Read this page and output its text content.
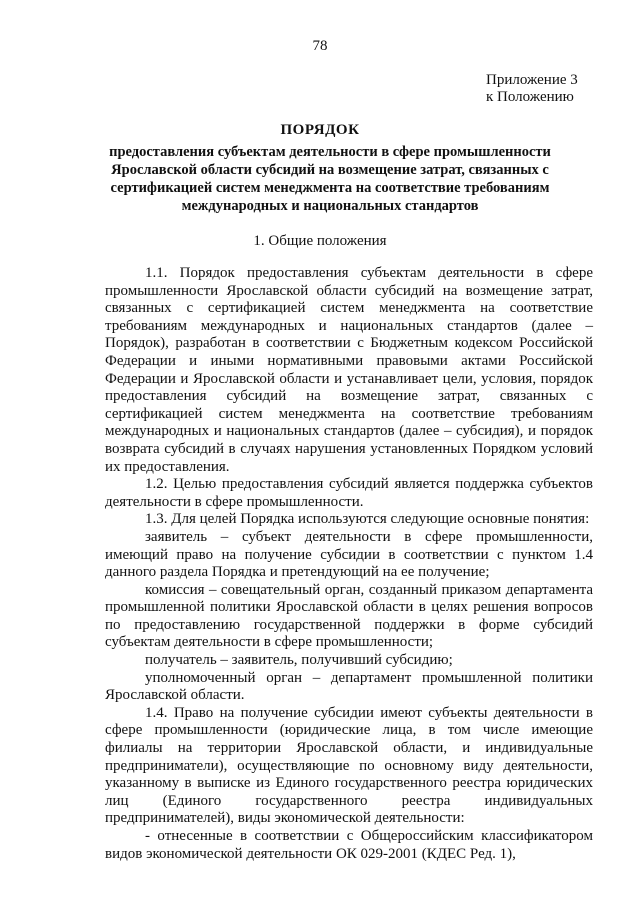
78
Приложение 3
к Положению
ПОРЯДОК
предоставления субъектам деятельности в сфере промышленности
Ярославской области субсидий на возмещение затрат, связанных с
сертификацией систем менеджмента на соответствие требованиям
международных и национальных стандартов
1. Общие положения

1.1. Порядок предоставления субъектам деятельности в сфере промышленности Ярославской области субсидий на возмещение затрат, связанных с сертификацией систем менеджмента на соответствие требованиям международных и национальных стандартов (далее – Порядок), разработан в соответствии с Бюджетным кодексом Российской Федерации и иными нормативными правовыми актами Российской Федерации и Ярославской области и устанавливает цели, условия, порядок предоставления субсидий на возмещение затрат, связанных с сертификацией систем менеджмента на соответствие требованиям международных и национальных стандартов (далее – субсидия), и порядок возврата субсидий в случаях нарушения установленных Порядком условий их предоставления.

1.2. Целью предоставления субсидий является поддержка субъектов деятельности в сфере промышленности.

1.3. Для целей Порядка используются следующие основные понятия:

заявитель – субъект деятельности в сфере промышленности, имеющий право на получение субсидии в соответствии с пунктом 1.4 данного раздела Порядка и претендующий на ее получение;

комиссия – совещательный орган, созданный приказом департамента промышленной политики Ярославской области в целях решения вопросов по предоставлению государственной поддержки в форме субсидий субъектам деятельности в сфере промышленности;

получатель – заявитель, получивший субсидию;

уполномоченный орган – департамент промышленной политики Ярославской области.

1.4. Право на получение субсидии имеют субъекты деятельности в сфере промышленности (юридические лица, в том числе имеющие филиалы на территории Ярославской области, и индивидуальные предприниматели), осуществляющие по основному виду деятельности, указанному в выписке из Единого государственного реестра юридических лиц (Единого государственного реестра индивидуальных предпринимателей), виды экономической деятельности:

- отнесенные в соответствии с Общероссийским классификатором видов экономической деятельности ОК 029-2001 (КДЕС Ред. 1),
